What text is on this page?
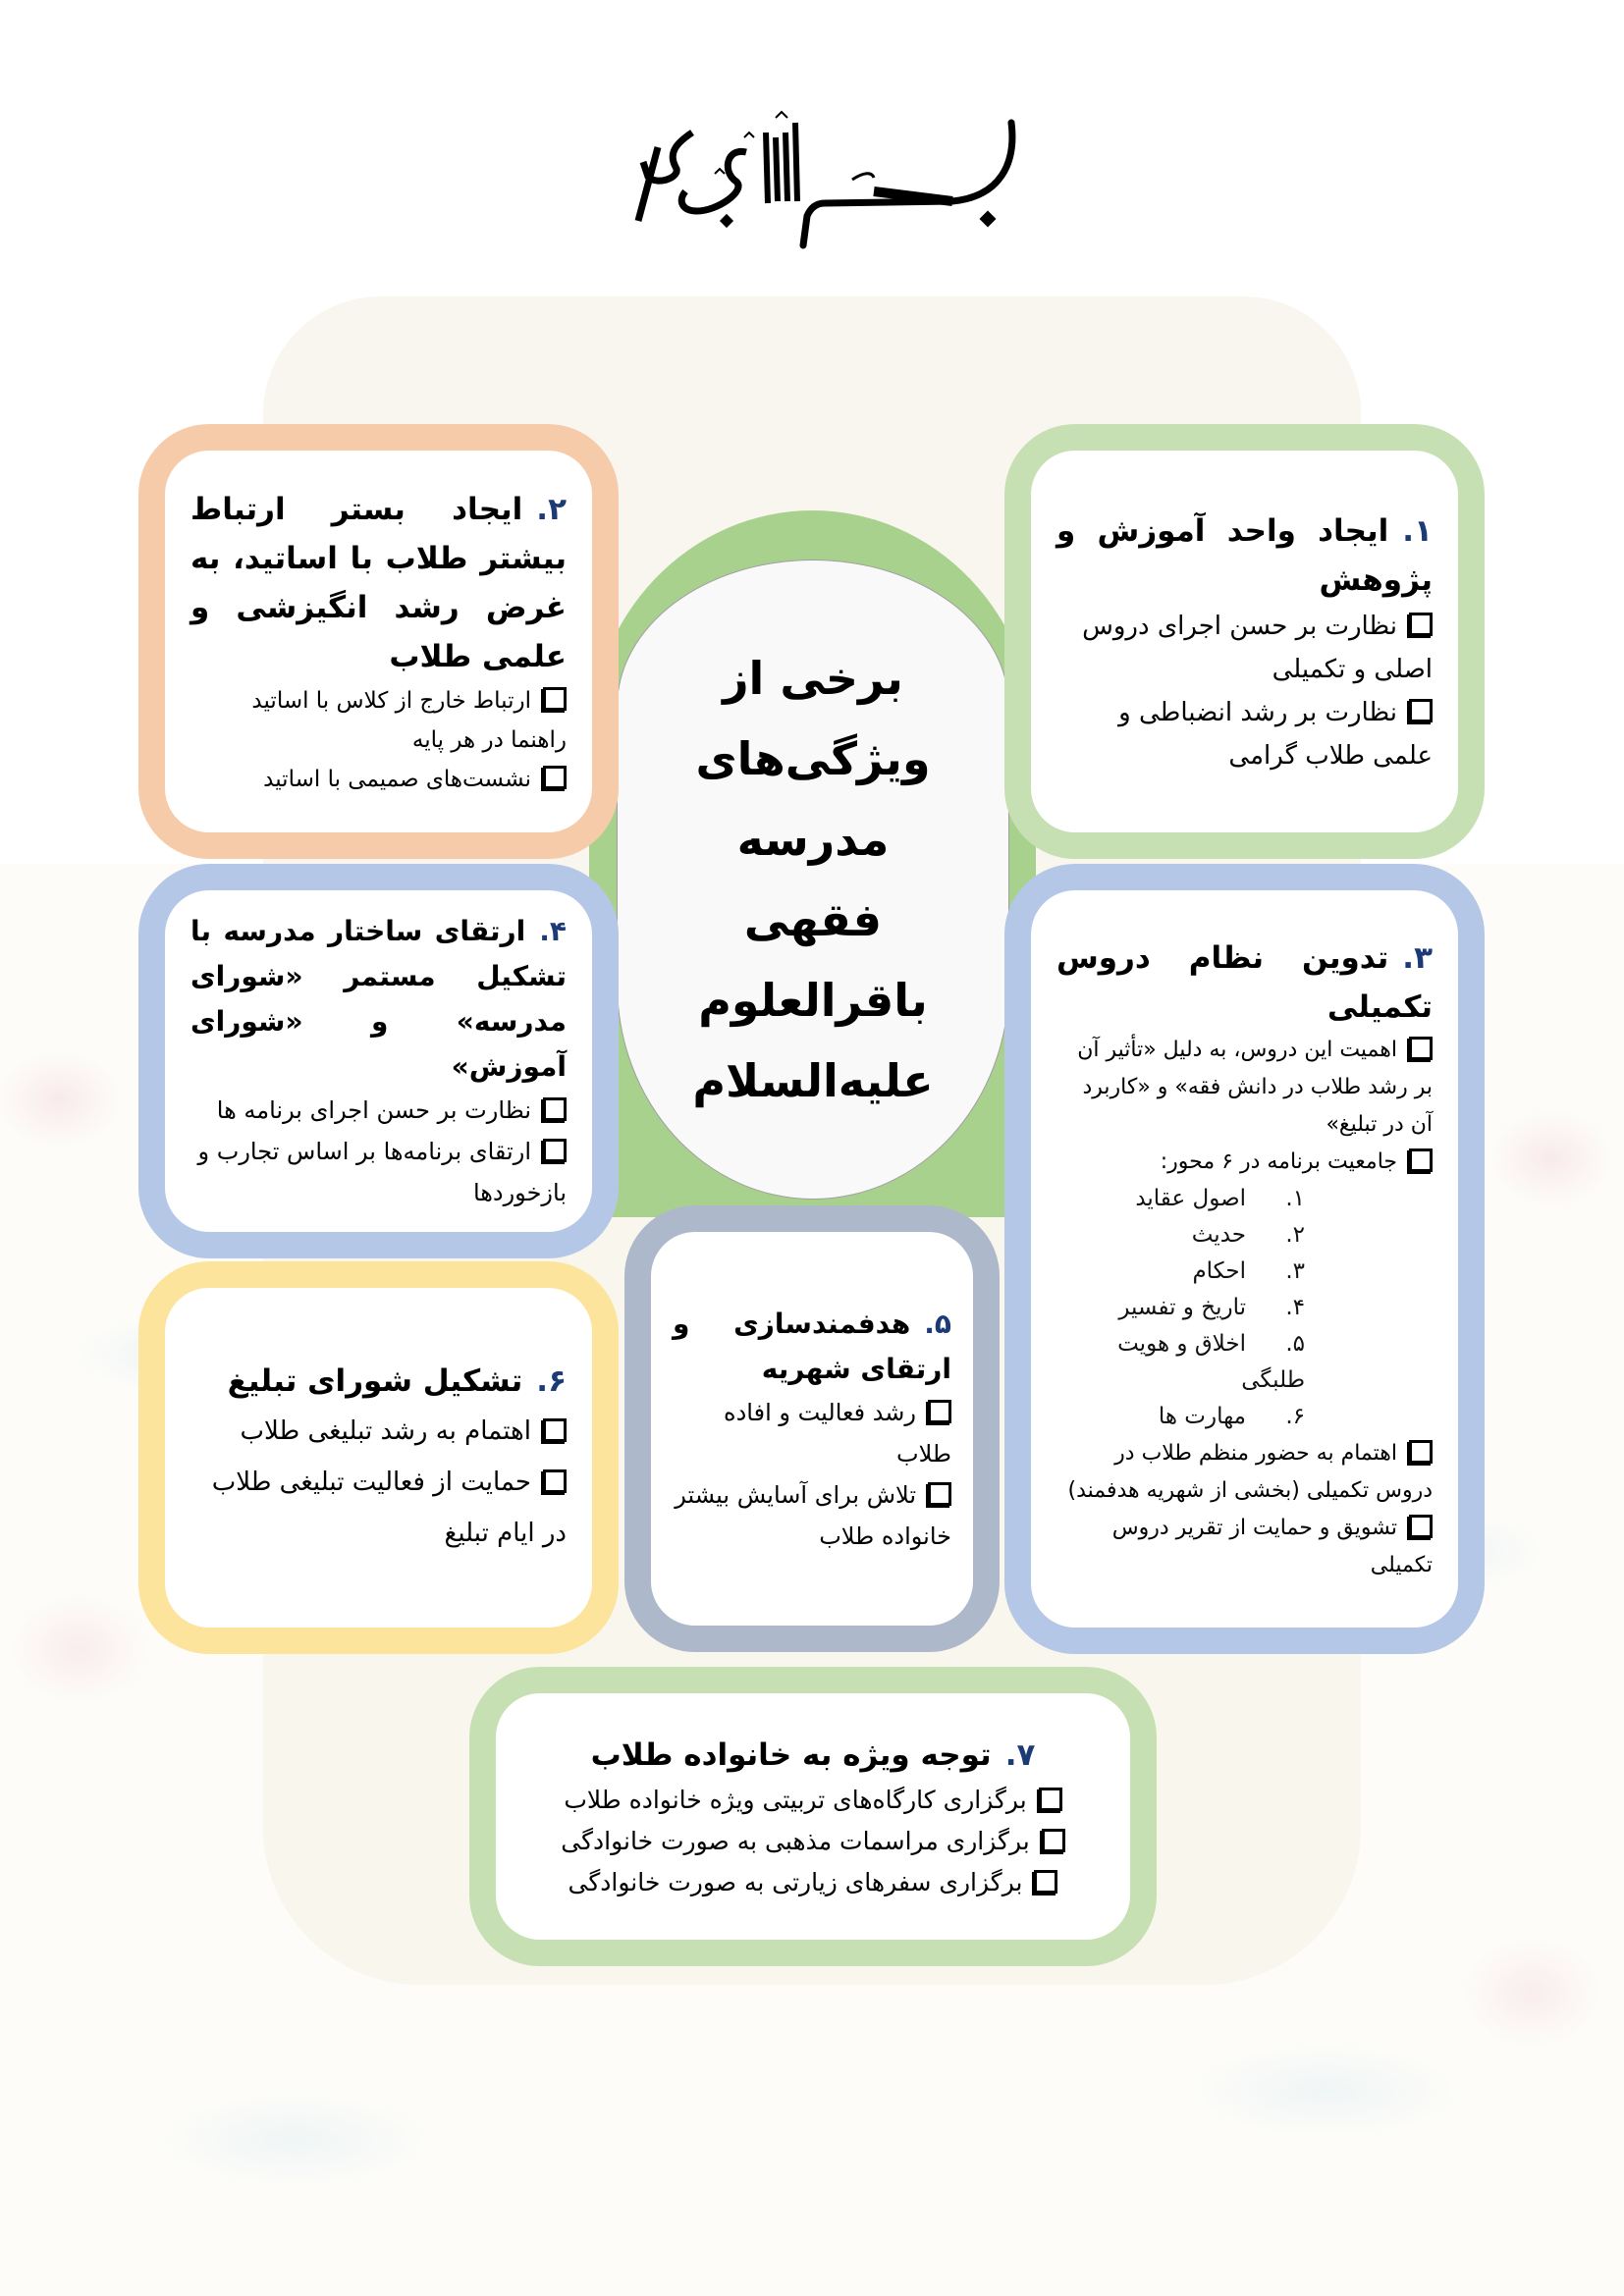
برخی از
ویژگی‌های
مدرسه
فقهی
باقرالعلوم
علیه‌السلام

۱.ایجاد واحد آموزش و پژوهش

نظارت بر حسن اجرای دروس اصلی و تکمیلی
نظارت بر رشد انضباطی و علمی طلاب گرامی

۲.ایجاد بستر ارتباط بیشتر طلاب با اساتید، به غرض رشد انگیزشی و علمی طلاب

ارتباط خارج از کلاس با اساتید راهنما در هر پایه
نشست‌های صمیمی با اساتید

۳.تدوین نظام دروس تکمیلی

اهمیت این دروس، به دلیل «تأثیر آن بر رشد طلاب در دانش فقه» و «کاربرد آن در تبلیغ»
جامعیت برنامه در ۶ محور:
۱.اصول عقاید
۲.حدیث
۳.احکام
۴.تاریخ و تفسیر
۵.اخلاق و هویت طلبگی
۶.مهارت ها
اهتمام به حضور منظم طلاب در دروس تکمیلی (بخشی از شهریه هدفمند)
تشویق و حمایت از تقریر دروس تکمیلی

۴.ارتقای ساختار مدرسه با تشکیل مستمر «شورای مدرسه» و «شورای آموزش»

نظارت بر حسن اجرای برنامه ها
ارتقای برنامه‌ها بر اساس تجارب و بازخوردها

۵.هدفمندسازی و ارتقای شهریه

رشد فعالیت و افاده طلاب
تلاش برای آسایش بیشتر خانواده طلاب

۶.تشکیل شورای تبلیغ

اهتمام به رشد تبلیغی طلاب
حمایت از فعالیت تبلیغی طلاب در ایام تبلیغ

۷.توجه ویژه به خانواده طلاب

برگزاری کارگاه‌های تربیتی ویژه خانواده طلاب
برگزاری مراسمات مذهبی به صورت خانوادگی
برگزاری سفرهای زیارتی به صورت خانوادگی
